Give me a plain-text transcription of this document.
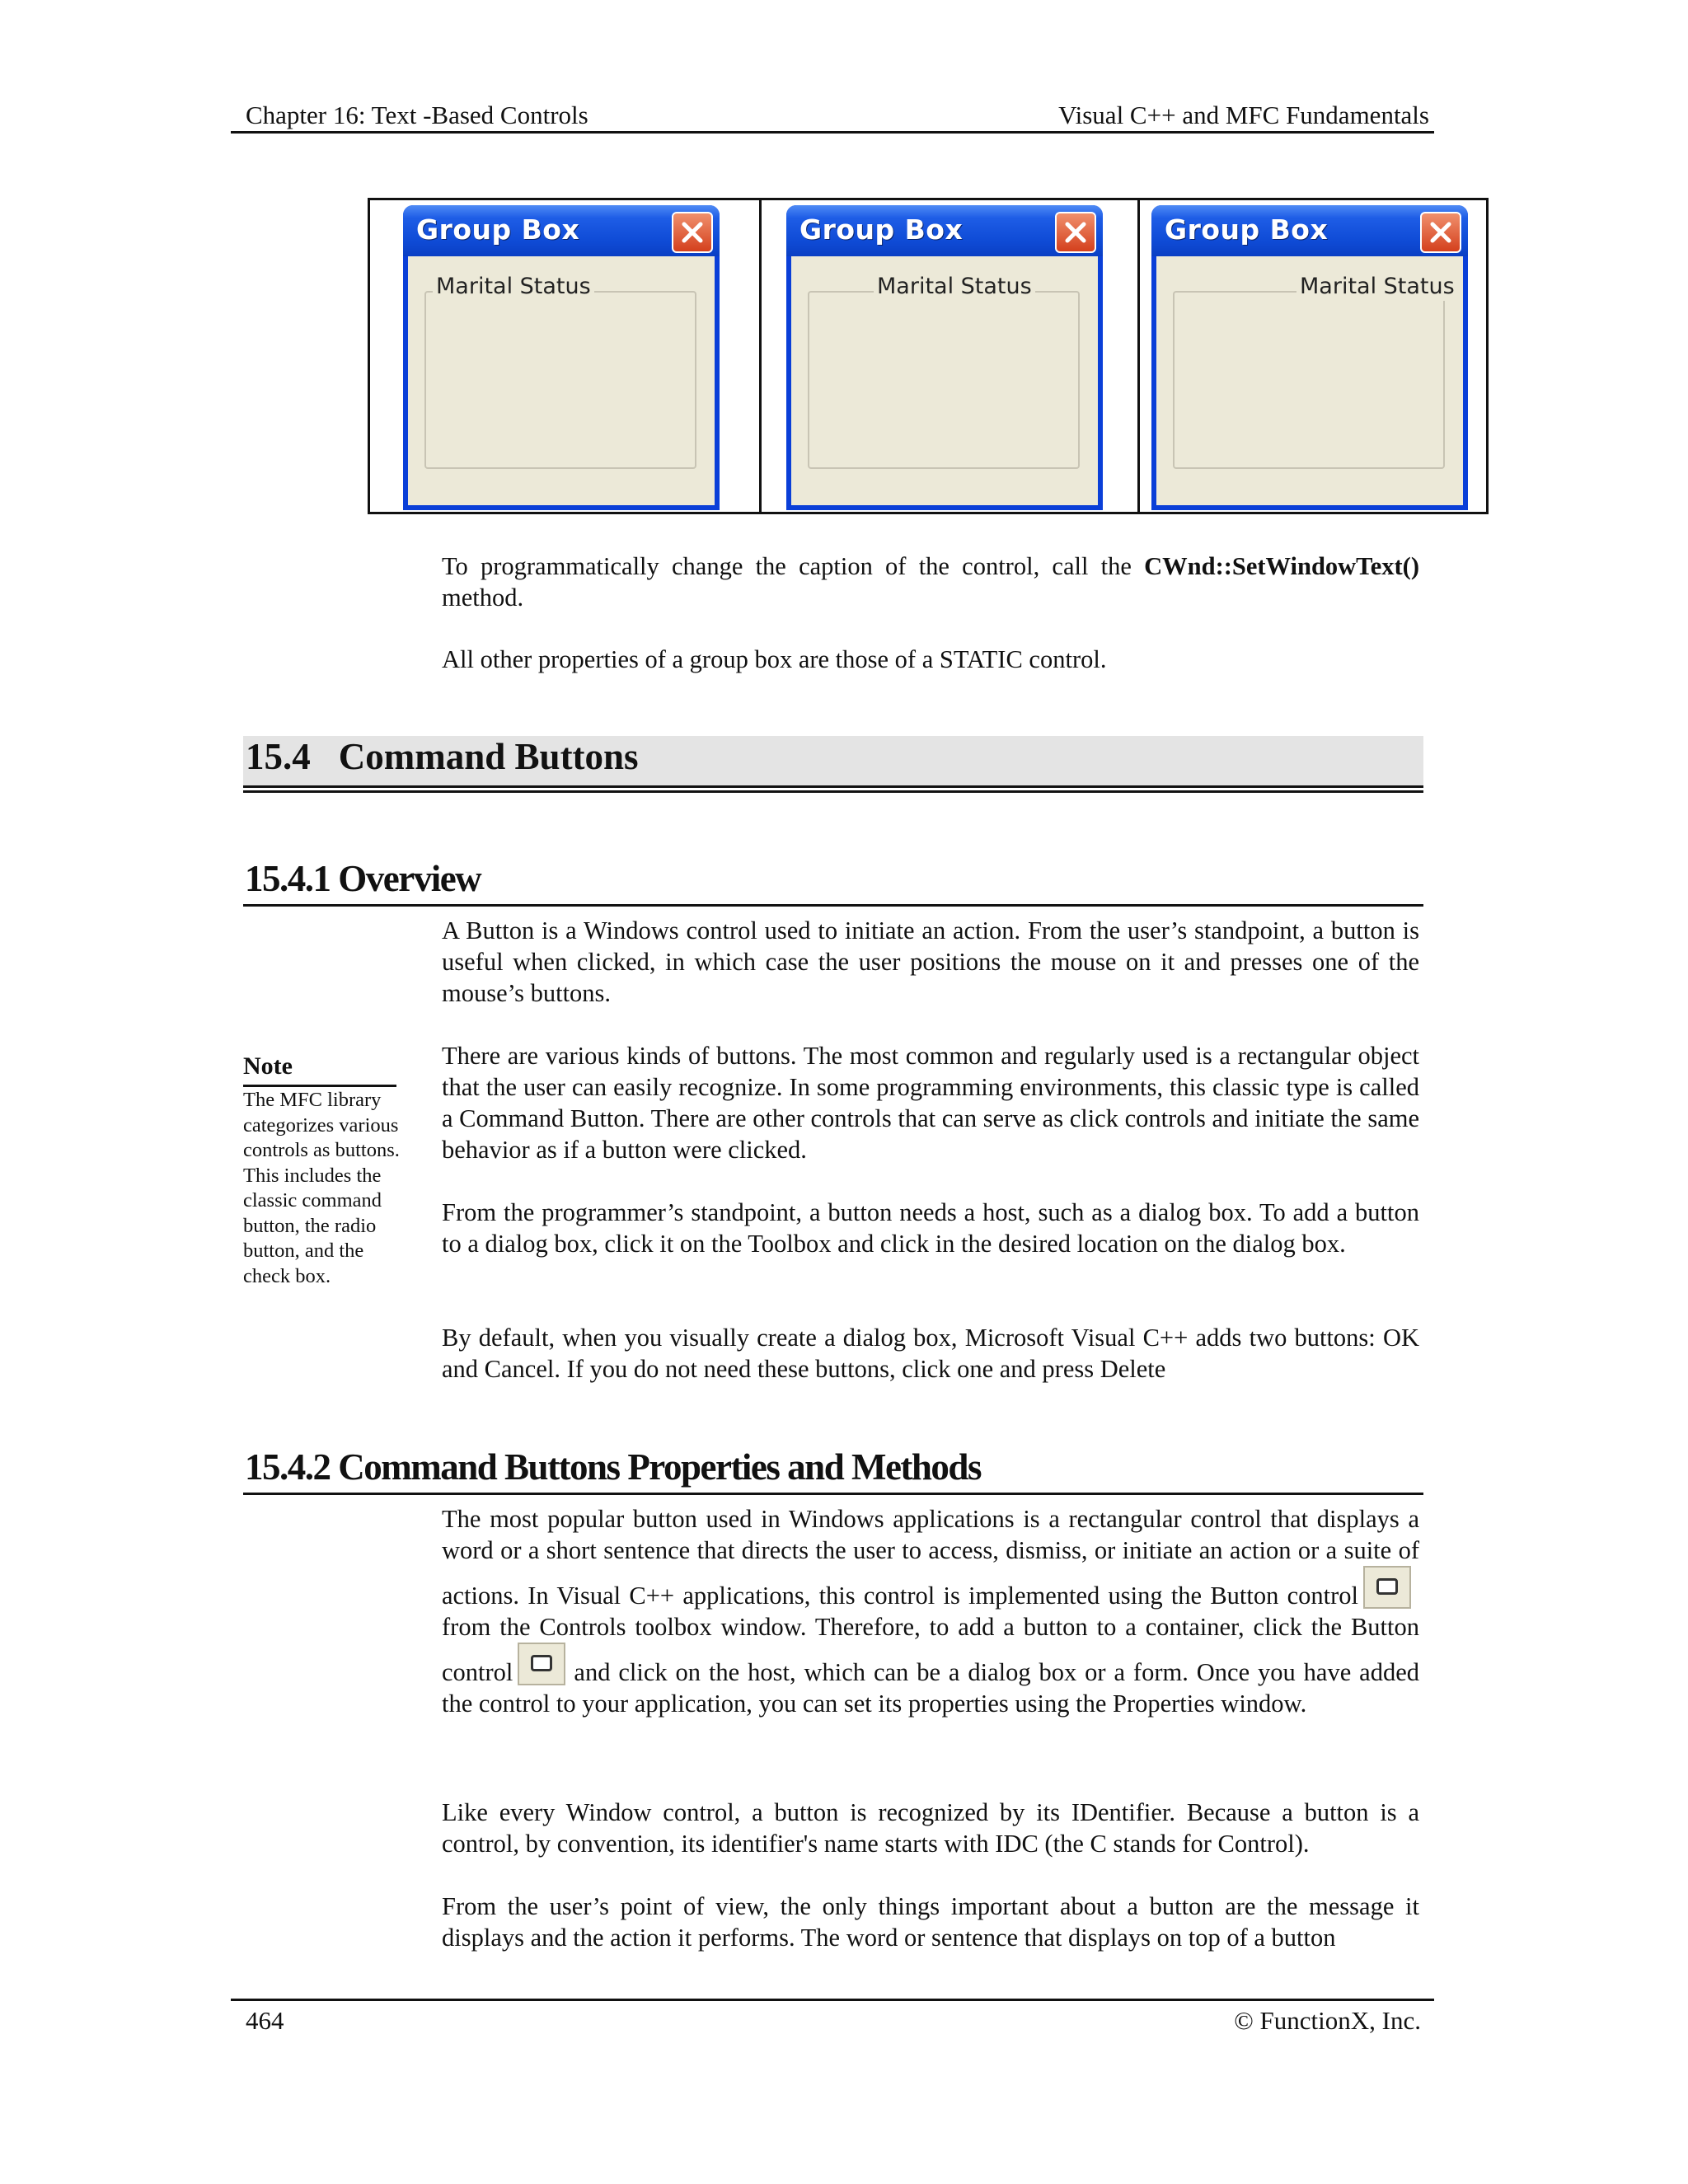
Chapter 16: Text -Based Controls	Visual C++ and MFC Fundamentals
Group Box
Marital Status
Group Box
Marital Status
Group Box
Marital Status

To programmatically change the caption of the control, call the CWnd::SetWindowText() method.

All other properties of a group box are those of a STATIC control.

15.4 Command Buttons
15.4.1 Overview

A Button is a Windows control used to initiate an action. From the user’s standpoint, a button is useful when clicked, in which case the user positions the mouse on it and presses one of the mouse’s buttons.

There are various kinds of buttons. The most common and regularly used is a rectangular object that the user can easily recognize. In some programming environments, this classic type is called a Command Button. There are other controls that can serve as click controls and initiate the same behavior as if a button were clicked.

From the programmer’s standpoint, a button needs a host, such as a dialog box. To add a button to a dialog box, click it on the Toolbox and click in the desired location on the dialog box.

By default, when you visually create a dialog box, Microsoft Visual C++ adds two buttons: OK and Cancel. If you do not need these buttons, click one and press Delete

Note
The MFC library categorizes various controls as buttons. This includes the classic command button, the radio button, and the check box.
15.4.2 Command Buttons Properties and Methods

The most popular button used in Windows applications is a rectangular control that displays a word or a short sentence that directs the user to access, dismiss, or initiate an action or a suite of actions. In Visual C++ applications, this control is implemented using the Button control
from the Controls toolbox window. Therefore, to add a button to a container, click the Button control and click on the host, which can be a dialog box or a form. Once you have added the control to your application, you can set its properties using the Properties window.

Like every Window control, a button is recognized by its IDentifier. Because a button is a control, by convention, its identifier's name starts with IDC (the C stands for Control).

From the user’s point of view, the only things important about a button are the message it displays and the action it performs. The word or sentence that displays on top of a button

464	© FunctionX, Inc.
